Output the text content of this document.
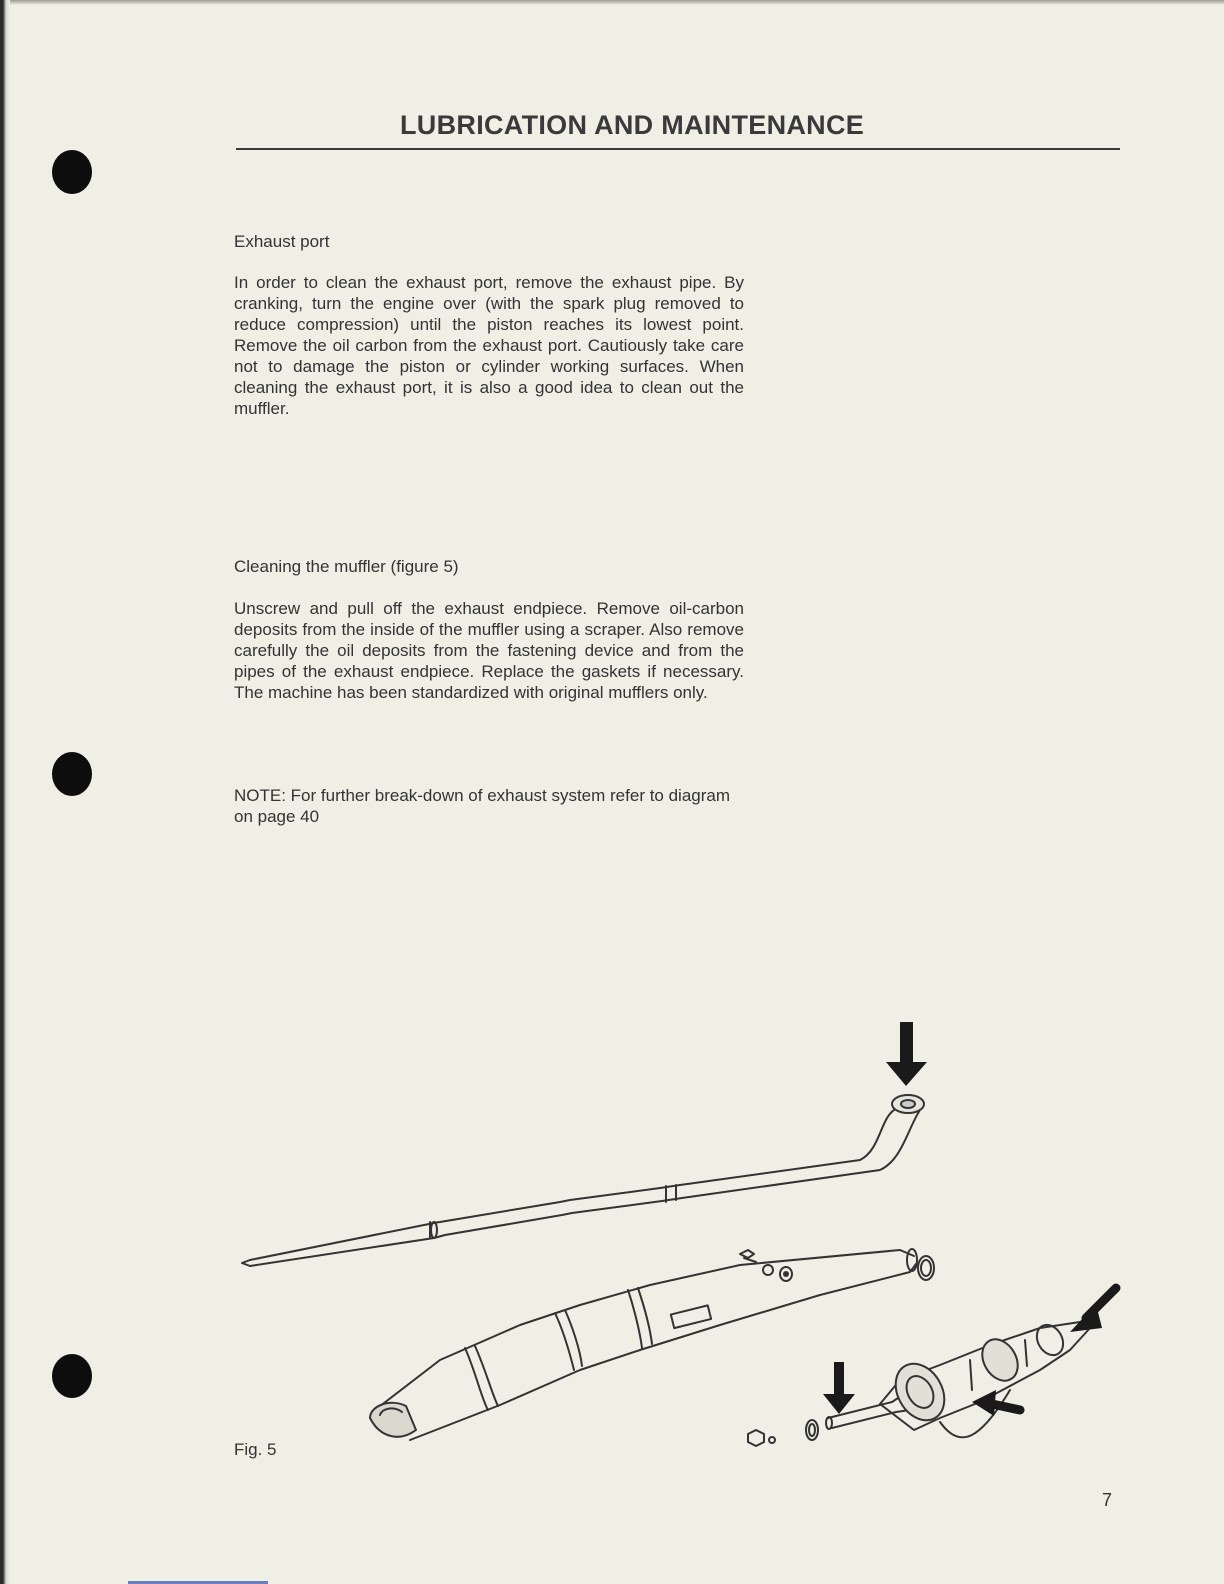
LUBRICATION AND MAINTENANCE
Exhaust port
In order to clean the exhaust port, remove the exhaust pipe. By cranking, turn the engine over (with the spark plug removed to reduce compression) until the piston reaches its lowest point. Remove the oil carbon from the exhaust port. Cautiously take care not to damage the piston or cylinder working surfaces. When cleaning the exhaust port, it is also a good idea to clean out the muffler.
Cleaning the muffler (figure 5)
Unscrew and pull off the exhaust endpiece. Remove oil-carbon deposits from the inside of the muffler using a scraper. Also remove carefully the oil deposits from the fastening device and from the pipes of the exhaust endpiece. Replace the gaskets if necessary. The machine has been standardized with original mufflers only.
NOTE: For further break-down of exhaust system refer to diagram on page 40
Fig. 5
7
